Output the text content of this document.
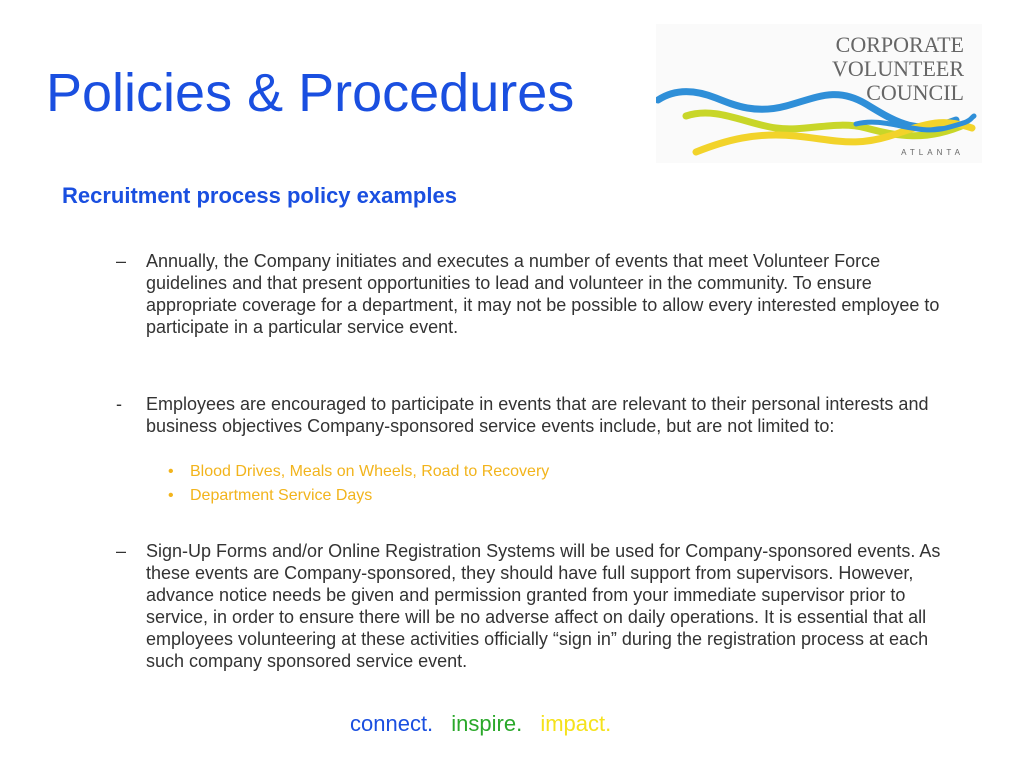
Policies & Procedures
CORPORATE
VOLUNTEER
COUNCIL
ATLANTA
Recruitment process policy examples

– Annually, the Company initiates and executes a number of events that meet Volunteer Force guidelines and that present opportunities to lead and volunteer in the community. To ensure appropriate coverage for a department, it may not be possible to allow every interested employee to participate in a particular service event.

- Employees are encouraged to participate in events that are relevant to their personal interests and business objectives Company-sponsored service events include, but are not limited to:

• Blood Drives, Meals on Wheels, Road to Recovery
• Department Service Days

– Sign-Up Forms and/or Online Registration Systems will be used for Company-sponsored events. As these events are Company-sponsored, they should have full support from supervisors. However, advance notice needs be given and permission granted from your immediate supervisor prior to service, in order to ensure there will be no adverse affect on daily operations. It is essential that all employees volunteering at these activities officially “sign in” during the registration process at each such company sponsored service event.

connect. inspire. impact.
